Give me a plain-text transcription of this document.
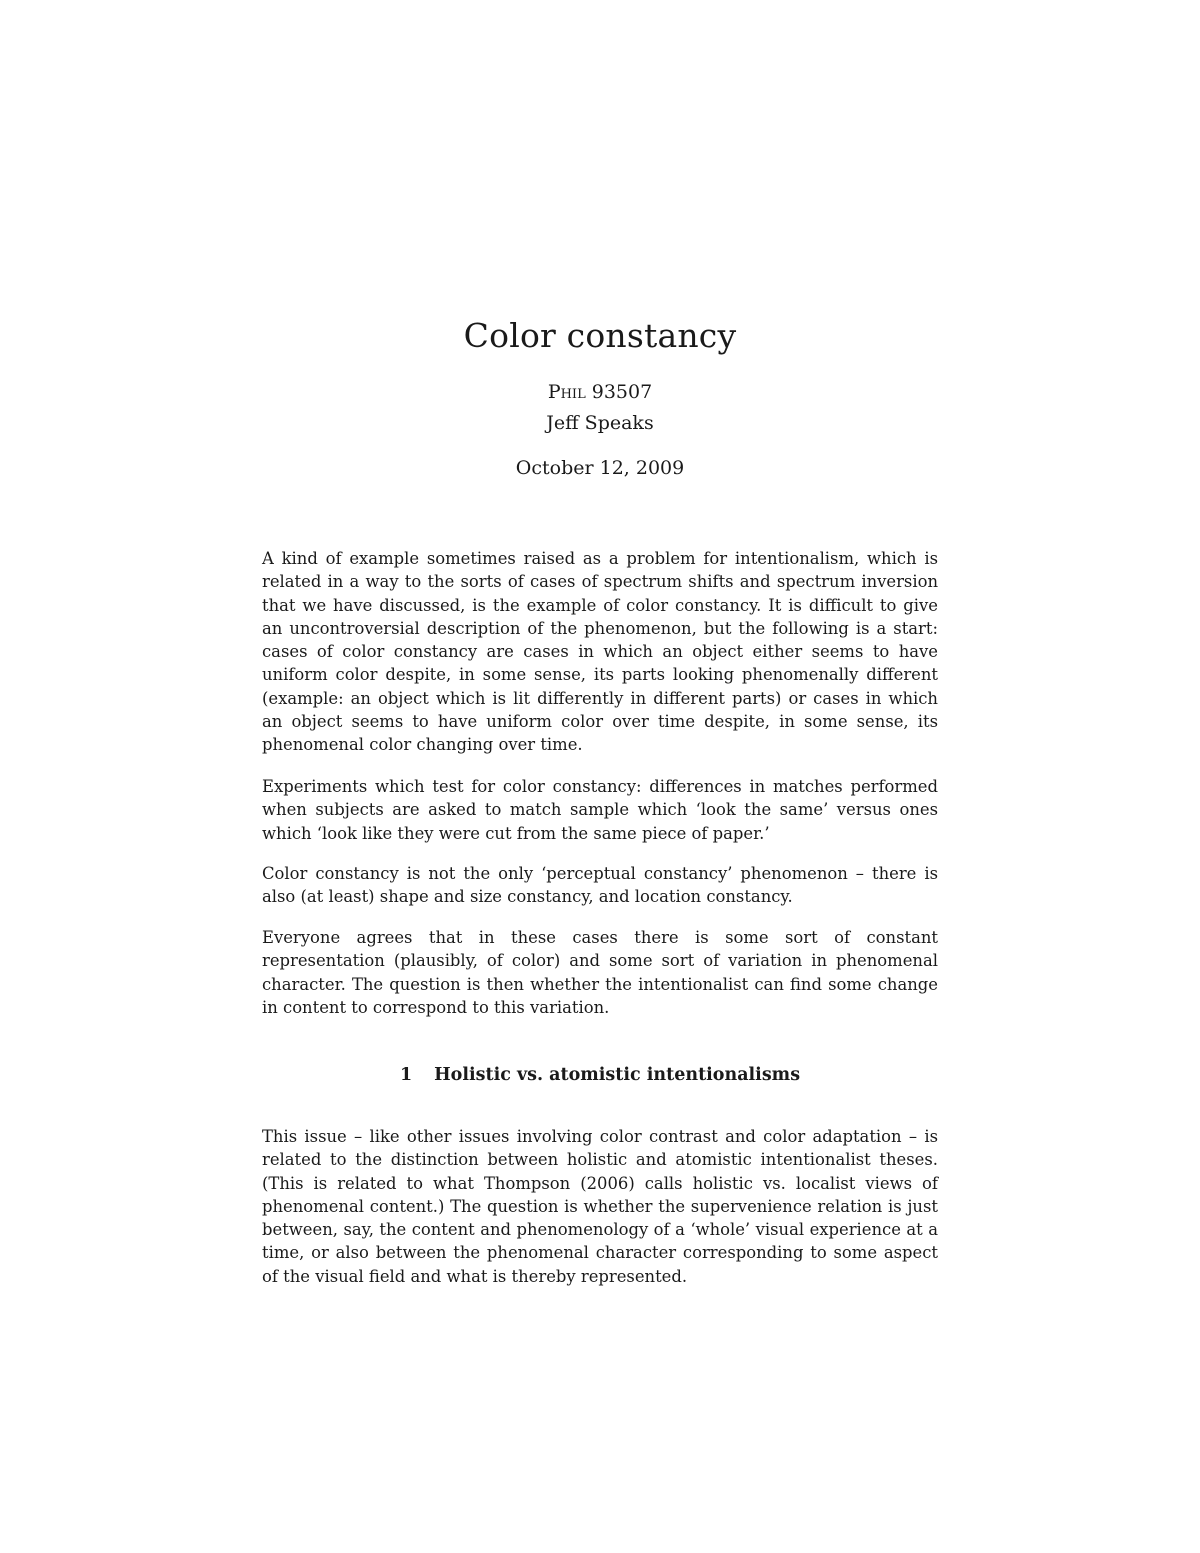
Color constancy
Phil 93507
Jeff Speaks
October 12, 2009

A kind of example sometimes raised as a problem for intentionalism, which is related in a way to the sorts of cases of spectrum shifts and spectrum inversion that we have discussed, is the example of color constancy. It is difficult to give an uncontroversial description of the phenomenon, but the following is a start: cases of color constancy are cases in which an object either seems to have uniform color despite, in some sense, its parts looking phenomenally different (example: an object which is lit differently in different parts) or cases in which an object seems to have uniform color over time despite, in some sense, its phenomenal color changing over time.

Experiments which test for color constancy: differences in matches performed when subjects are asked to match sample which ‘look the same’ versus ones which ‘look like they were cut from the same piece of paper.’

Color constancy is not the only ‘perceptual constancy’ phenomenon – there is also (at least) shape and size constancy, and location constancy.

Everyone agrees that in these cases there is some sort of constant representation (plausibly, of color) and some sort of variation in phenomenal character. The question is then whether the intentionalist can find some change in content to correspond to this variation.

1 Holistic vs. atomistic intentionalisms

This issue – like other issues involving color contrast and color adaptation – is related to the distinction between holistic and atomistic intentionalist theses. (This is related to what Thompson (2006) calls holistic vs. localist views of phenomenal content.) The question is whether the supervenience relation is just between, say, the content and phenomenology of a ‘whole’ visual experience at a time, or also between the phenomenal character corresponding to some aspect of the visual field and what is thereby represented.
